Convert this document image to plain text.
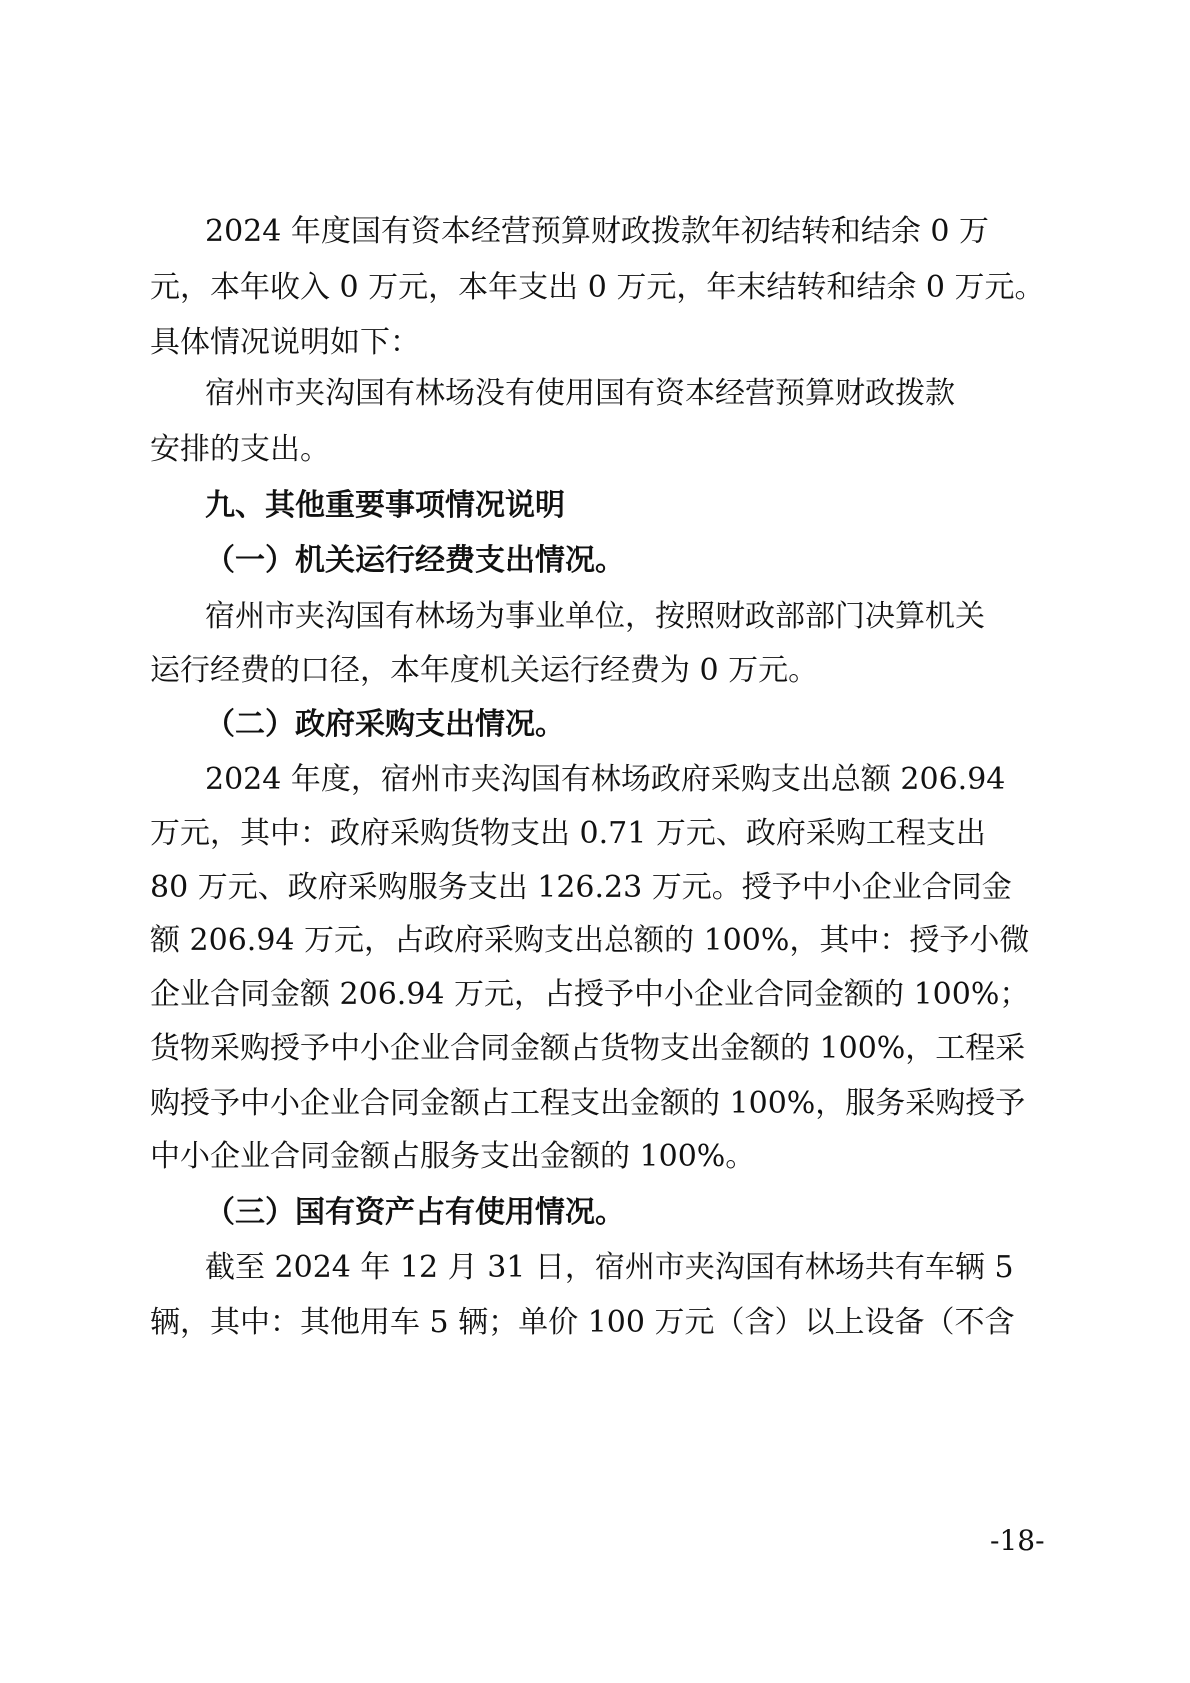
2024 年度国有资本经营预算财政拨款年初结转和结余 0 万

元，本年收入 0 万元，本年支出 0 万元，年末结转和结余 0 万元。

具体情况说明如下：

宿州市夹沟国有林场没有使用国有资本经营预算财政拨款

安排的支出。

九、其他重要事项情况说明

（一）机关运行经费支出情况。

宿州市夹沟国有林场为事业单位，按照财政部部门决算机关

运行经费的口径，本年度机关运行经费为 0 万元。

（二）政府采购支出情况。

2024 年度，宿州市夹沟国有林场政府采购支出总额 206.94

万元，其中：政府采购货物支出 0.71 万元、政府采购工程支出

80 万元、政府采购服务支出 126.23 万元。授予中小企业合同金

额 206.94 万元，占政府采购支出总额的 100%，其中：授予小微

企业合同金额 206.94 万元，占授予中小企业合同金额的 100%；

货物采购授予中小企业合同金额占货物支出金额的 100%，工程采

购授予中小企业合同金额占工程支出金额的 100%，服务采购授予

中小企业合同金额占服务支出金额的 100%。

（三）国有资产占有使用情况。

截至 2024 年 12 月 31 日，宿州市夹沟国有林场共有车辆 5

辆，其中：其他用车 5 辆；单价 100 万元（含）以上设备（不含

-18-
